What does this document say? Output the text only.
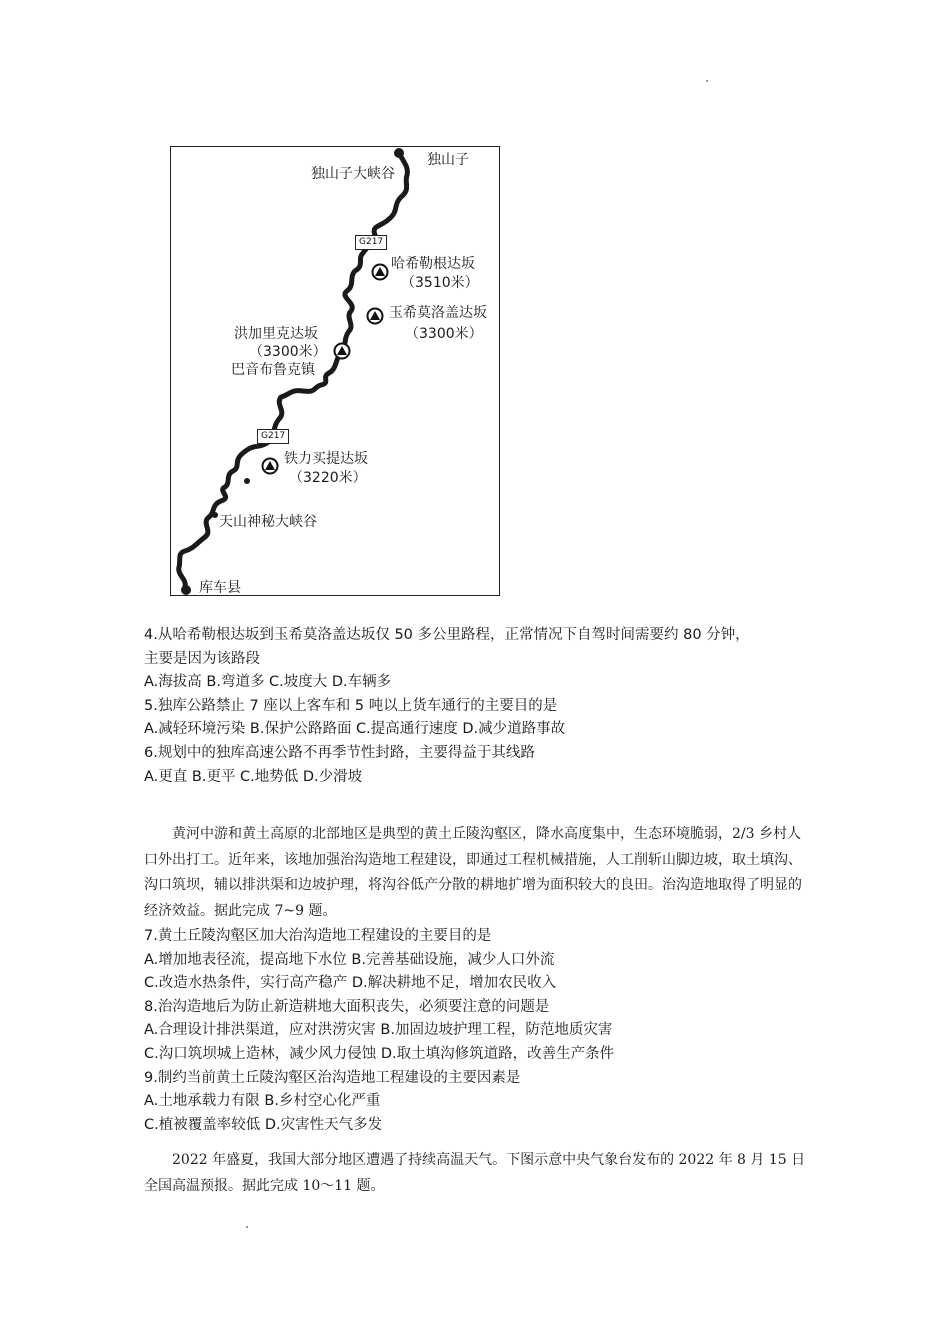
独山子
独山子大峡谷
G217
哈希勒根达坂
（3510米）
玉希莫洛盖达坂
（3300米）
洪加里克达坂
（3300米）
巴音布鲁克镇
G217
铁力买提达坂
（3220米）
天山神秘大峡谷
库车县

4.从哈希勒根达坂到玉希莫洛盖达坂仅 50 多公里路程，正常情况下自驾时间需要约 80 分钟，

主要是因为该路段

A.海拔高 B.弯道多 C.坡度大 D.车辆多

5.独库公路禁止 7 座以上客车和 5 吨以上货车通行的主要目的是

A.减轻环境污染 B.保护公路路面 C.提高通行速度 D.减少道路事故

6.规划中的独库高速公路不再季节性封路，主要得益于其线路

A.更直 B.更平 C.地势低 D.少滑坡

黄河中游和黄土高原的北部地区是典型的黄土丘陵沟壑区，降水高度集中，生态环境脆弱，2/3 乡村人口外出打工。近年来，该地加强治沟造地工程建设，即通过工程机械措施，人工削斩山脚边坡，取土填沟、沟口筑坝，辅以排洪渠和边坡护理，将沟谷低产分散的耕地扩增为面积较大的良田。治沟造地取得了明显的经济效益。据此完成 7~9 题。

7.黄土丘陵沟壑区加大治沟造地工程建设的主要目的是

A.增加地表径流，提高地下水位 B.完善基础设施，减少人口外流

C.改造水热条件，实行高产稳产 D.解决耕地不足，增加农民收入

8.治沟造地后为防止新造耕地大面积丧失，必须要注意的问题是

A.合理设计排洪渠道，应对洪涝灾害 B.加固边坡护理工程，防范地质灾害

C.沟口筑坝城上造林，减少风力侵蚀 D.取土填沟修筑道路，改善生产条件

9.制约当前黄土丘陵沟壑区治沟造地工程建设的主要因素是

A.土地承载力有限 B.乡村空心化严重

C.植被覆盖率较低 D.灾害性天气多发

2022 年盛夏，我国大部分地区遭遇了持续高温天气。下图示意中央气象台发布的 2022 年 8 月 15 日全国高温预报。据此完成 10～11 题。
